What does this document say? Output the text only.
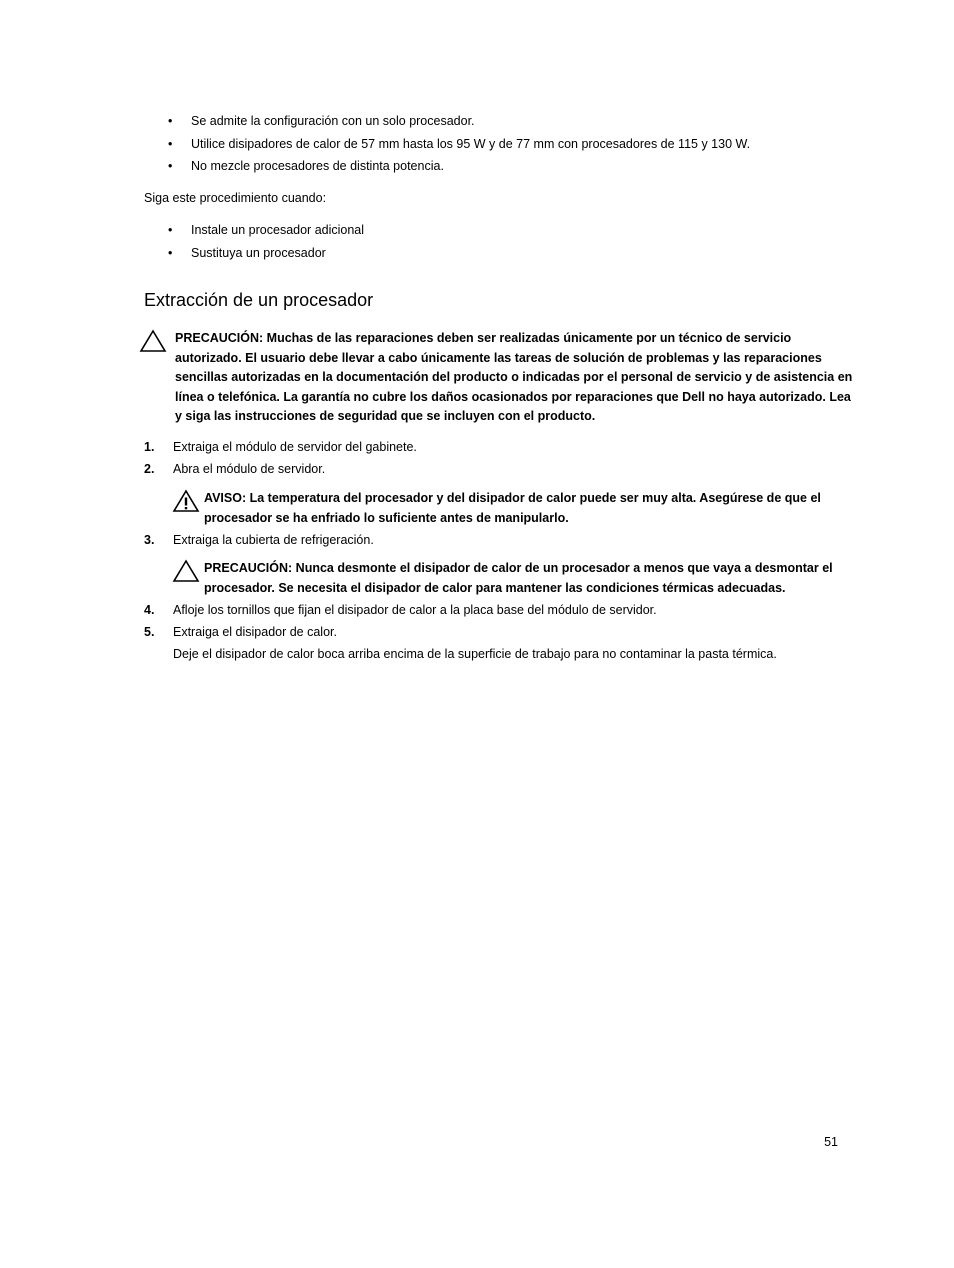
•	Se admite la configuración con un solo procesador.
•	Utilice disipadores de calor de 57 mm hasta los 95 W y de 77 mm con procesadores de 115 y 130 W.
•	No mezcle procesadores de distinta potencia.
Siga este procedimiento cuando:
•	Instale un procesador adicional
•	Sustituya un procesador
Extracción de un procesador
PRECAUCIÓN: Muchas de las reparaciones deben ser realizadas únicamente por un técnico de servicio
autorizado. El usuario debe llevar a cabo únicamente las tareas de solución de problemas y las reparaciones
sencillas autorizadas en la documentación del producto o indicadas por el personal de servicio y de asistencia en
línea o telefónica. La garantía no cubre los daños ocasionados por reparaciones que Dell no haya autorizado. Lea
y siga las instrucciones de seguridad que se incluyen con el producto.
1. Extraiga el módulo de servidor del gabinete.
2. Abra el módulo de servidor.
AVISO: La temperatura del procesador y del disipador de calor puede ser muy alta. Asegúrese de que el
procesador se ha enfriado lo suficiente antes de manipularlo.
3. Extraiga la cubierta de refrigeración.
PRECAUCIÓN: Nunca desmonte el disipador de calor de un procesador a menos que vaya a desmontar el
procesador. Se necesita el disipador de calor para mantener las condiciones térmicas adecuadas.
4. Afloje los tornillos que fijan el disipador de calor a la placa base del módulo de servidor.
5. Extraiga el disipador de calor.
Deje el disipador de calor boca arriba encima de la superficie de trabajo para no contaminar la pasta térmica.
51
